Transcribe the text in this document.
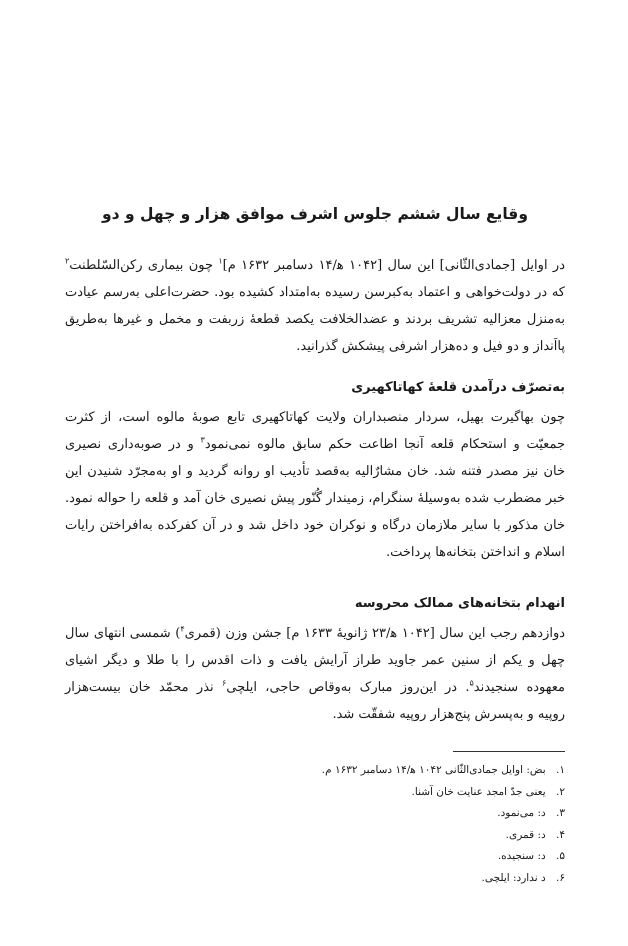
وقایع سال ششم جلوس اشرف موافق هزار و چهل و دو

در اوایل [جمادی‌الثّانی] این سال [۱۰۴۲ ه‍/۱۴ دسامبر ۱۶۳۲ م]$^۱$ چون بیماری رکن‌السّلطنت$^۲$
که در دولت‌خواهی و اعتماد به‌کبرسن رسیده به‌امتداد کشیده بود. حضرت‌اعلی به‌رسم عیادت
به‌منزل معزالیه تشریف بردند و عضدالخلافت یکصد قطعهٔ زربفت و مخمل و غیرها به‌طریق
پااَنداز و دو فیل و ده‌هزار اشرفی پیشکش گذرانید.

به‌تصرّف درآمدن قلعهٔ کهاتاکهیری

چون بهاگیرت بهیل، سردار منصبداران ولایت کهاتاکهیری تابع صوبهٔ مالوه است، از کثرت
جمعیّت و استحکام قلعه آنجا اطاعت حکم سابق مالوه نمی‌نمود$^۳$ و در صوبه‌داری نصیری
خان نیز مصدر فتنه شد. خان مشارٌالیه به‌قصد تأدیب او روانه گردید و او به‌مجرّد شنیدن این
خبر مضطرب شده به‌وسیلهٔ سنگرام، زمیندار گُنّور پیش نصیری خان آمد و قلعه را حواله نمود.
خان مذکور با سایر ملازمان درگاه و نوکران خود داخل شد و در آن کفرکده به‌افراختن رایات
اسلام و انداختن بتخانه‌ها پرداخت.

انهدام بتخانه‌های ممالک محروسه

دوازدهم رجب این سال [۱۰۴۲ ه‍/۲۳ ژانویهٔ ۱۶۳۳ م] جشن وزن (قمری$^۴$) شمسی انتهای سال
چهل و یکم از سنین عمر جاوید طراز آرایش یافت و ذات اقدس را با طلا و دیگر اشیای
معهوده سنجیدند$^۵$. در این‌روز مبارک به‌وقاص حاجی، ایلچی$^۶$ نذر محمّد خان بیست‌هزار
روپیه و به‌پسرش پنج‌هزار روپیه شفقّت شد.

۱. بض: اوایل جمادی‌الثّانی ۱۰۴۲ ه‍/۱۴ دسامبر ۱۶۳۲ م.
۲. یعنی جدّ امجد عنایت خان آشنا.
۳. د: می‌نمود.
۴. د: قمری.
۵. د: سنجیده.
۶. د ندارد: ایلچی.
